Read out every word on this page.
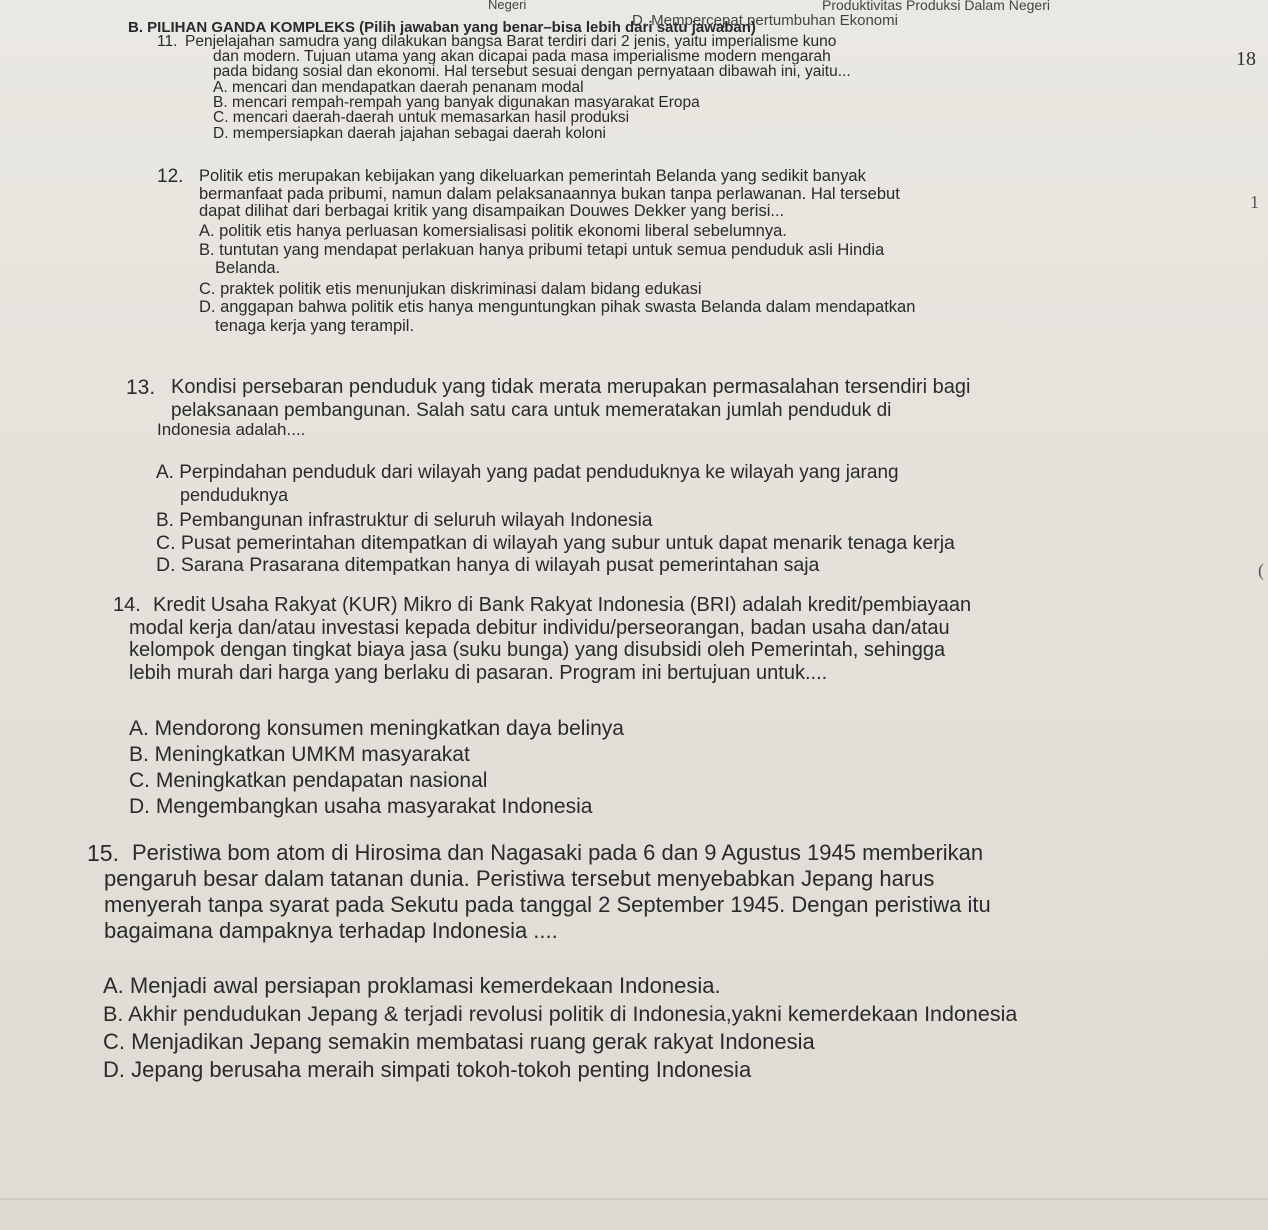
Negeri	Produktivitas Produksi Dalam Negeri
D. Mempercepat pertumbuhan Ekonomi
18
1
(
B. PILIHAN GANDA KOMPLEKS (Pilih jawaban yang benar–bisa lebih dari satu jawaban)
11. Penjelajahan samudra yang dilakukan bangsa Barat terdiri dari 2 jenis, yaitu imperialisme kuno
dan modern. Tujuan utama yang akan dicapai pada masa imperialisme modern mengarah
pada bidang sosial dan ekonomi. Hal tersebut sesuai dengan pernyataan dibawah ini, yaitu...
A. mencari dan mendapatkan daerah penanam modal
B. mencari rempah-rempah yang banyak digunakan masyarakat Eropa
C. mencari daerah-daerah untuk memasarkan hasil produksi
D. mempersiapkan daerah jajahan sebagai daerah koloni
12. Politik etis merupakan kebijakan yang dikeluarkan pemerintah Belanda yang sedikit banyak
bermanfaat pada pribumi, namun dalam pelaksanaannya bukan tanpa perlawanan. Hal tersebut
dapat dilihat dari berbagai kritik yang disampaikan Douwes Dekker yang berisi...
A. politik etis hanya perluasan komersialisasi politik ekonomi liberal sebelumnya.
B. tuntutan yang mendapat perlakuan hanya pribumi tetapi untuk semua penduduk asli Hindia
Belanda.
C. praktek politik etis menunjukan diskriminasi dalam bidang edukasi
D. anggapan bahwa politik etis hanya menguntungkan pihak swasta Belanda dalam mendapatkan
tenaga kerja yang terampil.
13. Kondisi persebaran penduduk yang tidak merata merupakan permasalahan tersendiri bagi
pelaksanaan pembangunan. Salah satu cara untuk memeratakan jumlah penduduk di
Indonesia adalah....
A. Perpindahan penduduk dari wilayah yang padat penduduknya ke wilayah yang jarang
penduduknya
B. Pembangunan infrastruktur di seluruh wilayah Indonesia
C. Pusat pemerintahan ditempatkan di wilayah yang subur untuk dapat menarik tenaga kerja
D. Sarana Prasarana ditempatkan hanya di wilayah pusat pemerintahan saja
14. Kredit Usaha Rakyat (KUR) Mikro di Bank Rakyat Indonesia (BRI) adalah kredit/pembiayaan
modal kerja dan/atau investasi kepada debitur individu/perseorangan, badan usaha dan/atau
kelompok dengan tingkat biaya jasa (suku bunga) yang disubsidi oleh Pemerintah, sehingga
lebih murah dari harga yang berlaku di pasaran. Program ini bertujuan untuk....
A. Mendorong konsumen meningkatkan daya belinya
B. Meningkatkan UMKM masyarakat
C. Meningkatkan pendapatan nasional
D. Mengembangkan usaha masyarakat Indonesia
15. Peristiwa bom atom di Hirosima dan Nagasaki pada 6 dan 9 Agustus 1945 memberikan
pengaruh besar dalam tatanan dunia. Peristiwa tersebut menyebabkan Jepang harus
menyerah tanpa syarat pada Sekutu pada tanggal 2 September 1945. Dengan peristiwa itu
bagaimana dampaknya terhadap Indonesia ....
A. Menjadi awal persiapan proklamasi kemerdekaan Indonesia.
B. Akhir pendudukan Jepang & terjadi revolusi politik di Indonesia,yakni kemerdekaan Indonesia
C. Menjadikan Jepang semakin membatasi ruang gerak rakyat Indonesia
D. Jepang berusaha meraih simpati tokoh-tokoh penting Indonesia
